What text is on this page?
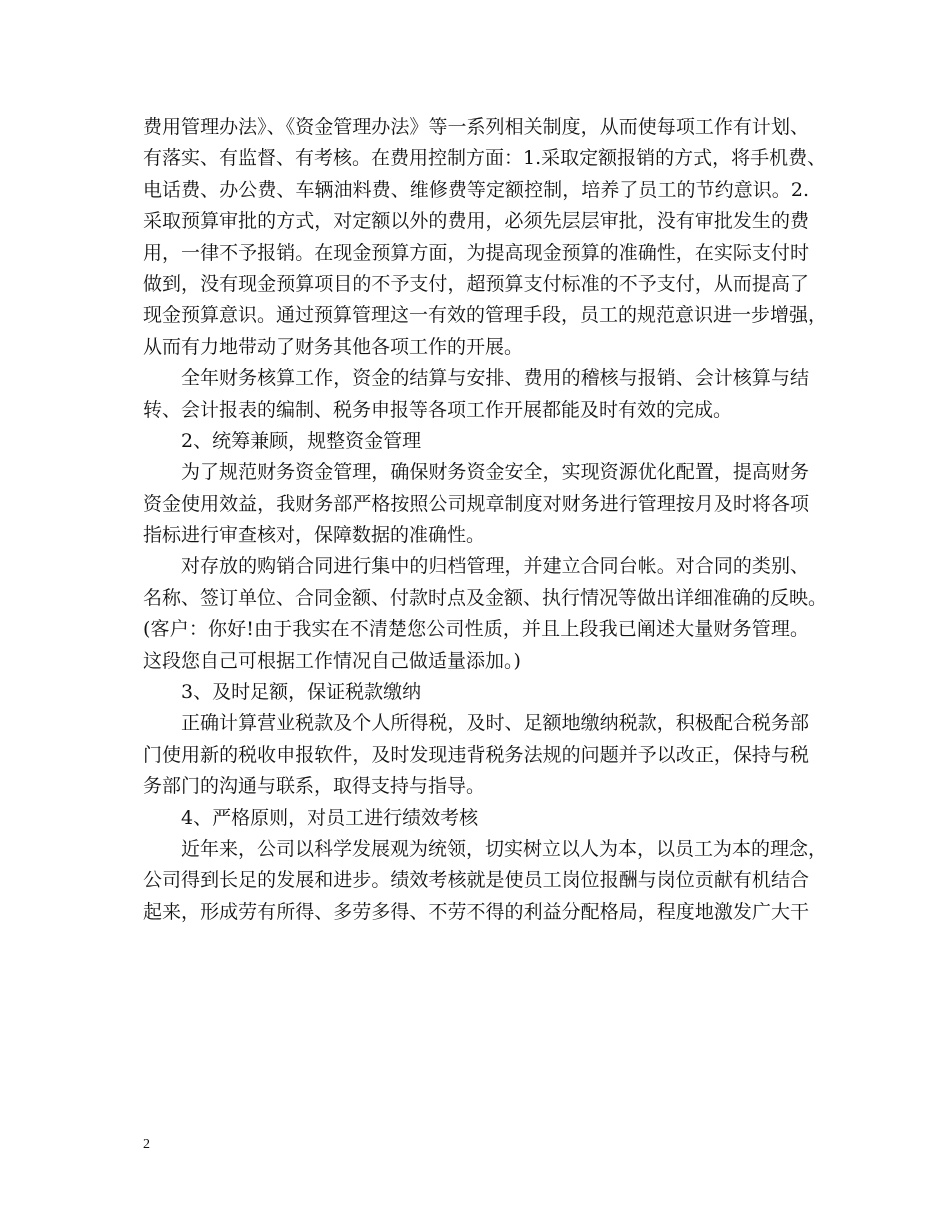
费用管理办法》、《资金管理办法》等一系列相关制度，从而使每项工作有计划、
有落实、有监督、有考核。在费用控制方面：1.采取定额报销的方式，将手机费、
电话费、办公费、车辆油料费、维修费等定额控制，培养了员工的节约意识。2.
采取预算审批的方式，对定额以外的费用，必须先层层审批，没有审批发生的费
用，一律不予报销。在现金预算方面，为提高现金预算的准确性，在实际支付时
做到，没有现金预算项目的不予支付，超预算支付标准的不予支付，从而提高了
现金预算意识。通过预算管理这一有效的管理手段，员工的规范意识进一步增强，
从而有力地带动了财务其他各项工作的开展。
全年财务核算工作，资金的结算与安排、费用的稽核与报销、会计核算与结
转、会计报表的编制、税务申报等各项工作开展都能及时有效的完成。
2、统筹兼顾，规整资金管理
为了规范财务资金管理，确保财务资金安全，实现资源优化配置，提高财务
资金使用效益，我财务部严格按照公司规章制度对财务进行管理按月及时将各项
指标进行审查核对，保障数据的准确性。
对存放的购销合同进行集中的归档管理，并建立合同台帐。对合同的类别、
名称、签订单位、合同金额、付款时点及金额、执行情况等做出详细准确的反映。
(客户：你好!由于我实在不清楚您公司性质，并且上段我已阐述大量财务管理。
这段您自己可根据工作情况自己做适量添加。)
3、及时足额，保证税款缴纳
正确计算营业税款及个人所得税，及时、足额地缴纳税款，积极配合税务部
门使用新的税收申报软件，及时发现违背税务法规的问题并予以改正，保持与税
务部门的沟通与联系，取得支持与指导。
4、严格原则，对员工进行绩效考核
近年来，公司以科学发展观为统领，切实树立以人为本，以员工为本的理念，
公司得到长足的发展和进步。绩效考核就是使员工岗位报酬与岗位贡献有机结合
起来，形成劳有所得、多劳多得、不劳不得的利益分配格局，程度地激发广大干
2
